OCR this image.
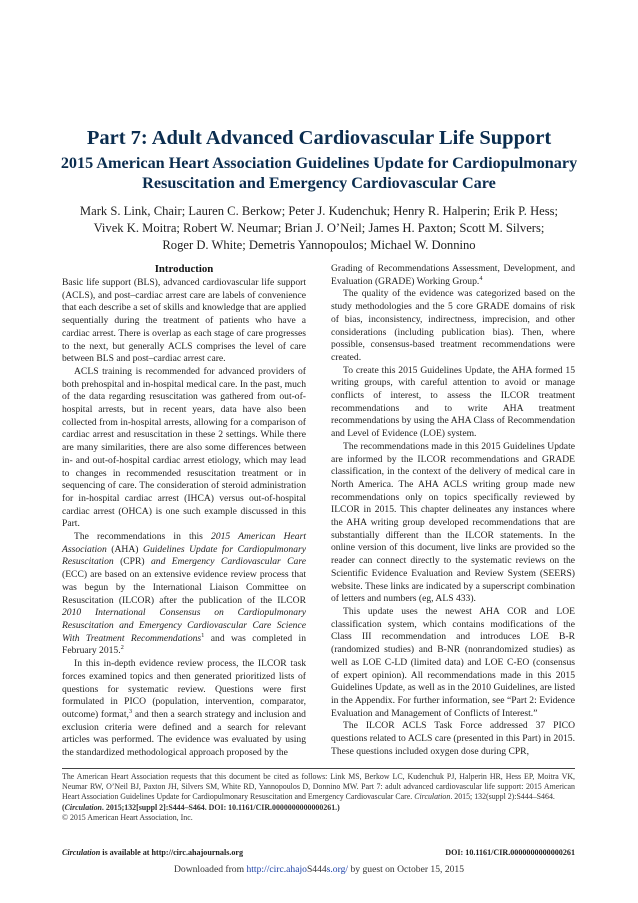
Part 7: Adult Advanced Cardiovascular Life Support
2015 American Heart Association Guidelines Update for Cardiopulmonary Resuscitation and Emergency Cardiovascular Care
Mark S. Link, Chair; Lauren C. Berkow; Peter J. Kudenchuk; Henry R. Halperin; Erik P. Hess;
Vivek K. Moitra; Robert W. Neumar; Brian J. O’Neil; James H. Paxton; Scott M. Silvers;
Roger D. White; Demetris Yannopoulos; Michael W. Donnino
Introduction

Basic life support (BLS), advanced cardiovascular life support (ACLS), and post–cardiac arrest care are labels of convenience that each describe a set of skills and knowledge that are applied sequentially during the treatment of patients who have a cardiac arrest. There is overlap as each stage of care progresses to the next, but generally ACLS comprises the level of care between BLS and post–cardiac arrest care.

ACLS training is recommended for advanced providers of both prehospital and in-hospital medical care. In the past, much of the data regarding resuscitation was gathered from out-of-hospital arrests, but in recent years, data have also been collected from in-hospital arrests, allowing for a comparison of cardiac arrest and resuscitation in these 2 settings. While there are many similarities, there are also some differences between in- and out-of-hospital cardiac arrest etiology, which may lead to changes in recommended resuscitation treatment or in sequencing of care. The consideration of steroid administration for in-hospital cardiac arrest (IHCA) versus out-of-hospital cardiac arrest (OHCA) is one such example discussed in this Part.

The recommendations in this 2015 American Heart Association (AHA) Guidelines Update for Cardiopulmonary Resuscitation (CPR) and Emergency Cardiovascular Care (ECC) are based on an extensive evidence review process that was begun by the International Liaison Committee on Resuscitation (ILCOR) after the publication of the ILCOR 2010 International Consensus on Cardiopulmonary Resuscitation and Emergency Cardiovascular Care Science With Treatment Recommendations$^1$ and was completed in February 2015.$^2$

In this in-depth evidence review process, the ILCOR task forces examined topics and then generated prioritized lists of questions for systematic review. Questions were first formulated in PICO (population, intervention, comparator, outcome) format,$^3$ and then a search strategy and inclusion and exclusion criteria were defined and a search for relevant articles was performed. The evidence was evaluated by using the standardized methodological approach proposed by the

Grading of Recommendations Assessment, Development, and Evaluation (GRADE) Working Group.$^4$

The quality of the evidence was categorized based on the study methodologies and the 5 core GRADE domains of risk of bias, inconsistency, indirectness, imprecision, and other considerations (including publication bias). Then, where possible, consensus-based treatment recommendations were created.

To create this 2015 Guidelines Update, the AHA formed 15 writing groups, with careful attention to avoid or manage conflicts of interest, to assess the ILCOR treatment recommendations and to write AHA treatment recommendations by using the AHA Class of Recommendation and Level of Evidence (LOE) system.

The recommendations made in this 2015 Guidelines Update are informed by the ILCOR recommendations and GRADE classification, in the context of the delivery of medical care in North America. The AHA ACLS writing group made new recommendations only on topics specifically reviewed by ILCOR in 2015. This chapter delineates any instances where the AHA writing group developed recommendations that are substantially different than the ILCOR statements. In the online version of this document, live links are provided so the reader can connect directly to the systematic reviews on the Scientific Evidence Evaluation and Review System (SEERS) website. These links are indicated by a superscript combination of letters and numbers (eg, ALS 433).

This update uses the newest AHA COR and LOE classification system, which contains modifications of the Class III recommendation and introduces LOE B-R (randomized studies) and B-NR (nonrandomized studies) as well as LOE C-LD (limited data) and LOE C-EO (consensus of expert opinion). All recommendations made in this 2015 Guidelines Update, as well as in the 2010 Guidelines, are listed in the Appendix. For further information, see “Part 2: Evidence Evaluation and Management of Conflicts of Interest.”

The ILCOR ACLS Task Force addressed 37 PICO questions related to ACLS care (presented in this Part) in 2015. These questions included oxygen dose during CPR,

The American Heart Association requests that this document be cited as follows: Link MS, Berkow LC, Kudenchuk PJ, Halperin HR, Hess EP, Moitra VK, Neumar RW, O’Neil BJ, Paxton JH, Silvers SM, White RD, Yannopoulos D, Donnino MW. Part 7: adult advanced cardiovascular life support: 2015 American Heart Association Guidelines Update for Cardiopulmonary Resuscitation and Emergency Cardiovascular Care. Circulation. 2015; 132(suppl 2):S444–S464.

(Circulation. 2015;132[suppl 2]:S444–S464. DOI: 10.1161/CIR.0000000000000261.)

© 2015 American Heart Association, Inc.

Circulation is available at http://circ.ahajournals.org	DOI: 10.1161/CIR.0000000000000261
Downloaded from http://circ.ahajoS444s.org/ by guest on October 15, 2015
